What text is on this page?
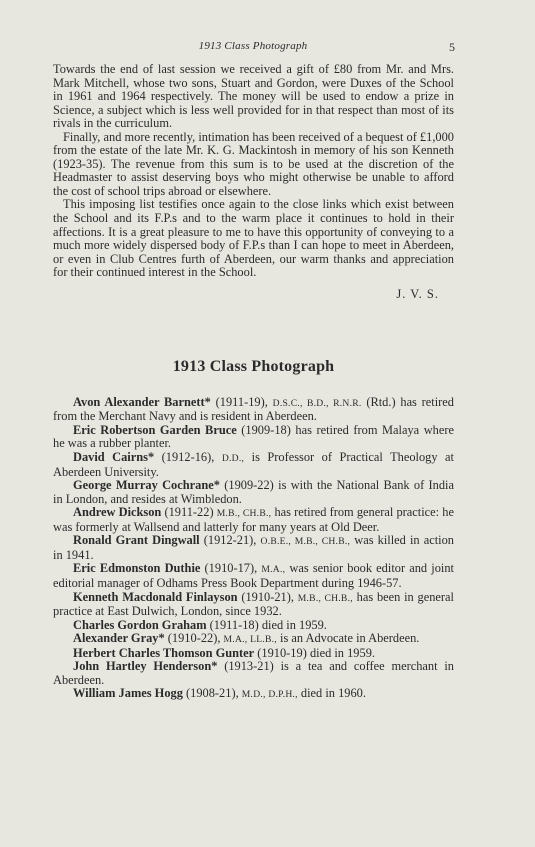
1913 Class Photograph	5

Towards the end of last session we received a gift of £80 from Mr. and Mrs. Mark Mitchell, whose two sons, Stuart and Gordon, were Duxes of the School in 1961 and 1964 respectively. The money will be used to endow a prize in Science, a subject which is less well provided for in that respect than most of its rivals in the curriculum.

Finally, and more recently, intimation has been received of a bequest of £1,000 from the estate of the late Mr. K. G. Mackintosh in memory of his son Kenneth (1923-35). The revenue from this sum is to be used at the discretion of the Headmaster to assist deserving boys who might otherwise be unable to afford the cost of school trips abroad or elsewhere.

This imposing list testifies once again to the close links which exist between the School and its F.P.s and to the warm place it continues to hold in their affections. It is a great pleasure to me to have this opportunity of conveying to a much more widely dispersed body of F.P.s than I can hope to meet in Aberdeen, or even in Club Centres furth of Aberdeen, our warm thanks and appreciation for their continued interest in the School.

J. V. S.
1913 Class Photograph

Avon Alexander Barnett* (1911-19), D.S.C., B.D., R.N.R. (Rtd.) has retired from the Merchant Navy and is resident in Aberdeen.

Eric Robertson Garden Bruce (1909-18) has retired from Malaya where he was a rubber planter.

David Cairns* (1912-16), D.D., is Professor of Practical Theology at Aberdeen University.

George Murray Cochrane* (1909-22) is with the National Bank of India in London, and resides at Wimbledon.

Andrew Dickson (1911-22) M.B., CH.B., has retired from general practice: he was formerly at Wallsend and latterly for many years at Old Deer.

Ronald Grant Dingwall (1912-21), O.B.E., M.B., CH.B., was killed in action in 1941.

Eric Edmonston Duthie (1910-17), M.A., was senior book editor and joint editorial manager of Odhams Press Book Department during 1946-57.

Kenneth Macdonald Finlayson (1910-21), M.B., CH.B., has been in general practice at East Dulwich, London, since 1932.

Charles Gordon Graham (1911-18) died in 1959.

Alexander Gray* (1910-22), M.A., LL.B., is an Advocate in Aberdeen.

Herbert Charles Thomson Gunter (1910-19) died in 1959.

John Hartley Henderson* (1913-21) is a tea and coffee merchant in Aberdeen.

William James Hogg (1908-21), M.D., D.P.H., died in 1960.
